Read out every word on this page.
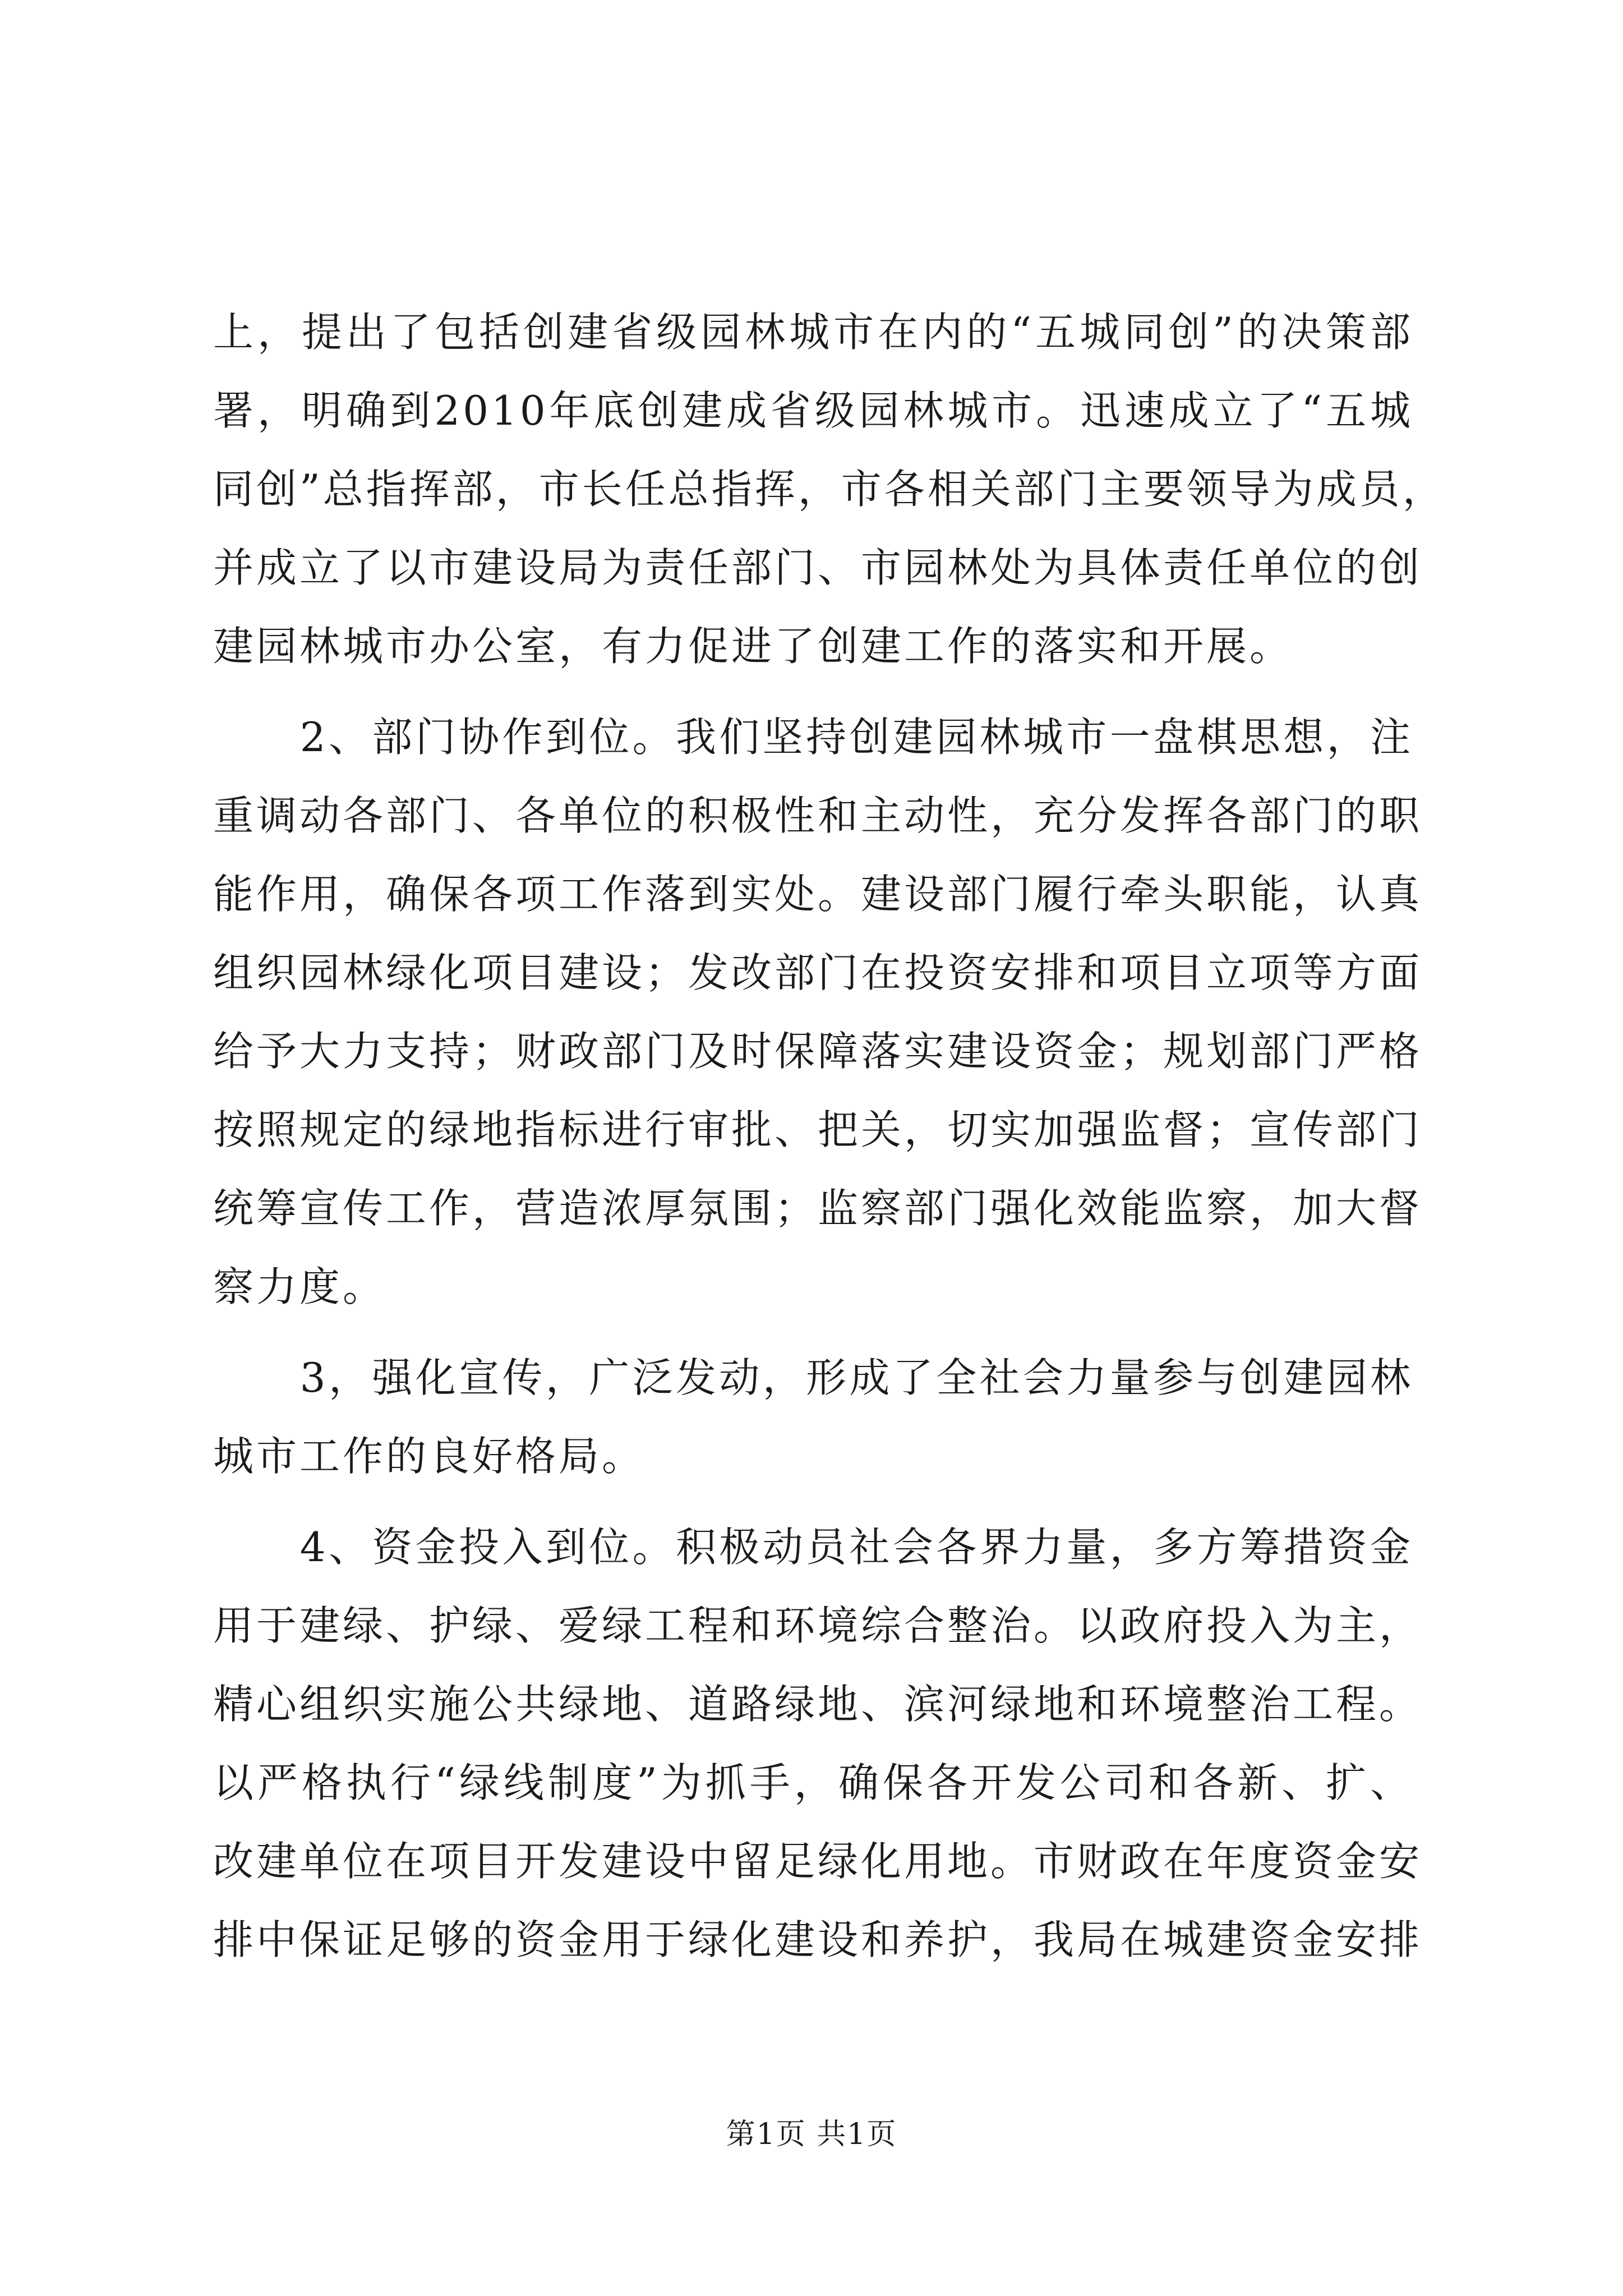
上，提出了包括创建省级园林城市在内的“五城同创”的决策部
署，明确到2010年底创建成省级园林城市。迅速成立了“五城
同创”总指挥部，市长任总指挥，市各相关部门主要领导为成员，
并成立了以市建设局为责任部门、市园林处为具体责任单位的创
建园林城市办公室，有力促进了创建工作的落实和开展。
　　2、部门协作到位。我们坚持创建园林城市一盘棋思想，注
重调动各部门、各单位的积极性和主动性，充分发挥各部门的职
能作用，确保各项工作落到实处。建设部门履行牵头职能，认真
组织园林绿化项目建设；发改部门在投资安排和项目立项等方面
给予大力支持；财政部门及时保障落实建设资金；规划部门严格
按照规定的绿地指标进行审批、把关，切实加强监督；宣传部门
统筹宣传工作，营造浓厚氛围；监察部门强化效能监察，加大督
察力度。
　　3，强化宣传，广泛发动，形成了全社会力量参与创建园林
城市工作的良好格局。
　　4、资金投入到位。积极动员社会各界力量，多方筹措资金
用于建绿、护绿、爱绿工程和环境综合整治。以政府投入为主，
精心组织实施公共绿地、道路绿地、滨河绿地和环境整治工程。
以严格执行“绿线制度”为抓手，确保各开发公司和各新、扩、
改建单位在项目开发建设中留足绿化用地。市财政在年度资金安
排中保证足够的资金用于绿化建设和养护，我局在城建资金安排
第1页 共1页
